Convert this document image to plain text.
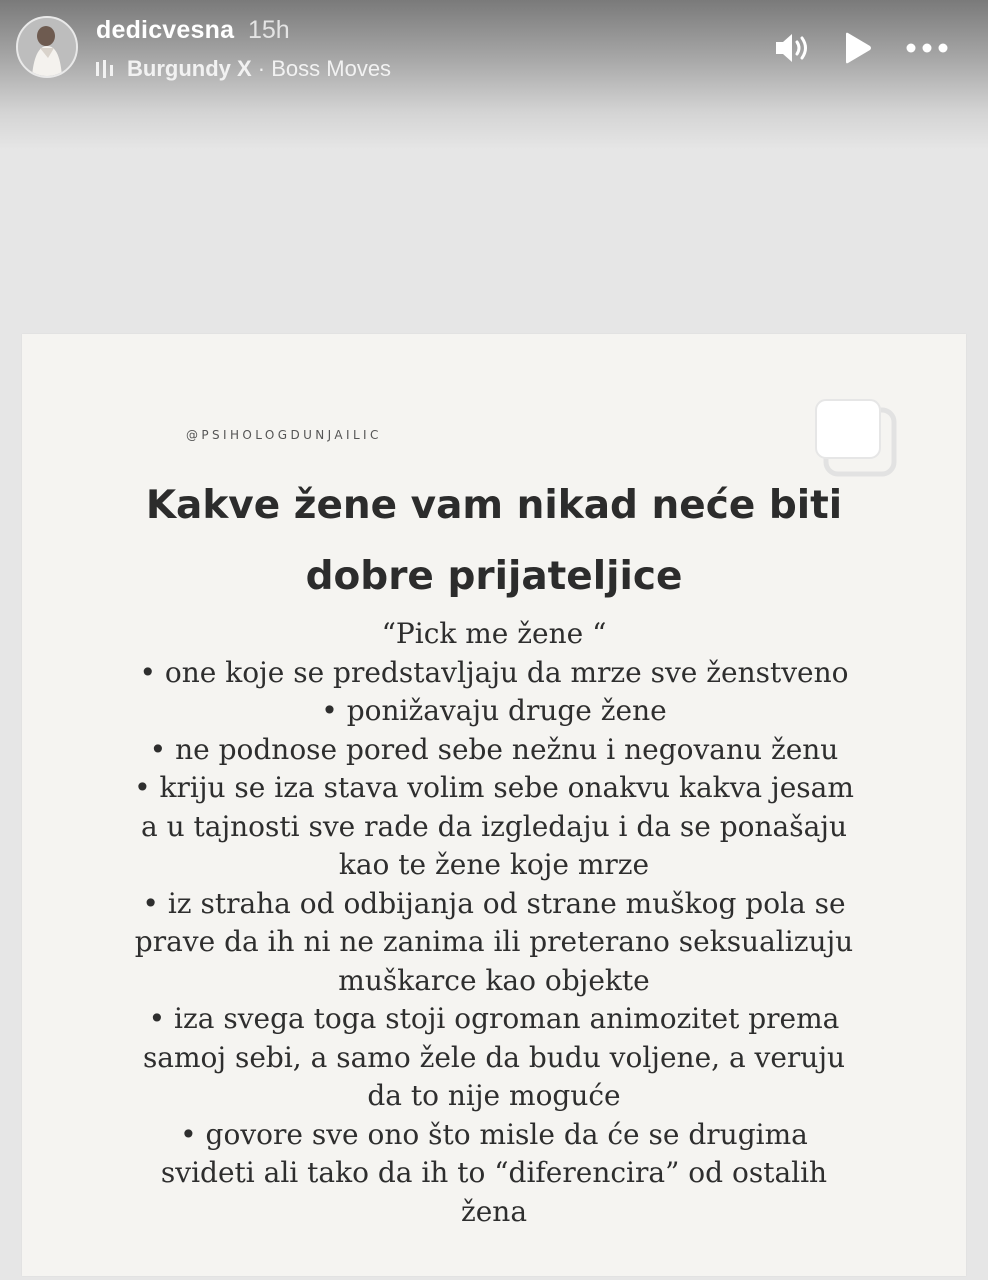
dedicvesna 15h
Burgundy X · Boss Moves
@PSIHOLOGDUNJAILIC
Kakve žene vam nikad neće biti
dobre prijateljice
“Pick me žene “
• one koje se predstavljaju da mrze sve ženstveno
• ponižavaju druge žene
• ne podnose pored sebe nežnu i negovanu ženu
• kriju se iza stava volim sebe onakvu kakva jesam
a u tajnosti sve rade da izgledaju i da se ponašaju
kao te žene koje mrze
• iz straha od odbijanja od strane muškog pola se
prave da ih ni ne zanima ili preterano seksualizuju
muškarce kao objekte
• iza svega toga stoji ogroman animozitet prema
samoj sebi, a samo žele da budu voljene, a veruju
da to nije moguće
• govore sve ono što misle da će se drugima
svideti ali tako da ih to “diferencira” od ostalih
žena
